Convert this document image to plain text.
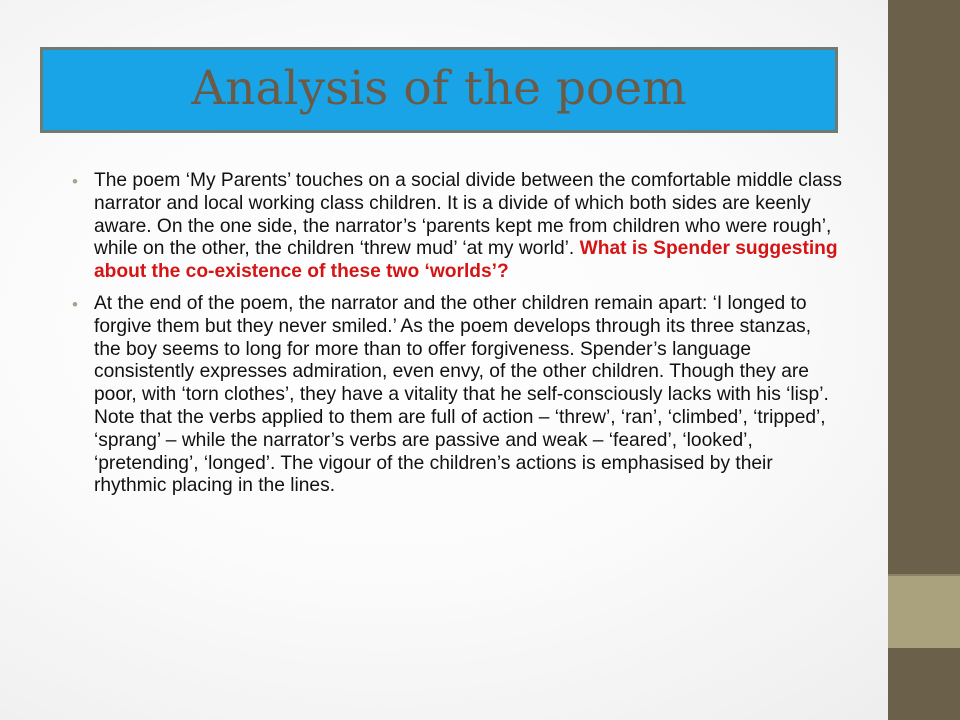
Analysis of the poem
• The poem ‘My Parents’ touches on a social divide between the comfortable middle class narrator and local working class children. It is a divide of which both sides are keenly aware. On the one side, the narrator’s ‘parents kept me from children who were rough’, while on the other, the children ‘threw mud’ ‘at my world’. What is Spender suggesting about the co-existence of these two ‘worlds’?
• At the end of the poem, the narrator and the other children remain apart: ‘I longed to forgive them but they never smiled.’ As the poem develops through its three stanzas, the boy seems to long for more than to offer forgiveness. Spender’s language consistently expresses admiration, even envy, of the other children. Though they are poor, with ‘torn clothes’, they have a vitality that he self-consciously lacks with his ‘lisp’. Note that the verbs applied to them are full of action – ‘threw’, ‘ran’, ‘climbed’, ‘tripped’, ‘sprang’ – while the narrator’s verbs are passive and weak – ‘feared’, ‘looked’, ‘pretending’, ‘longed’. The vigour of the children’s actions is emphasised by their rhythmic placing in the lines.
